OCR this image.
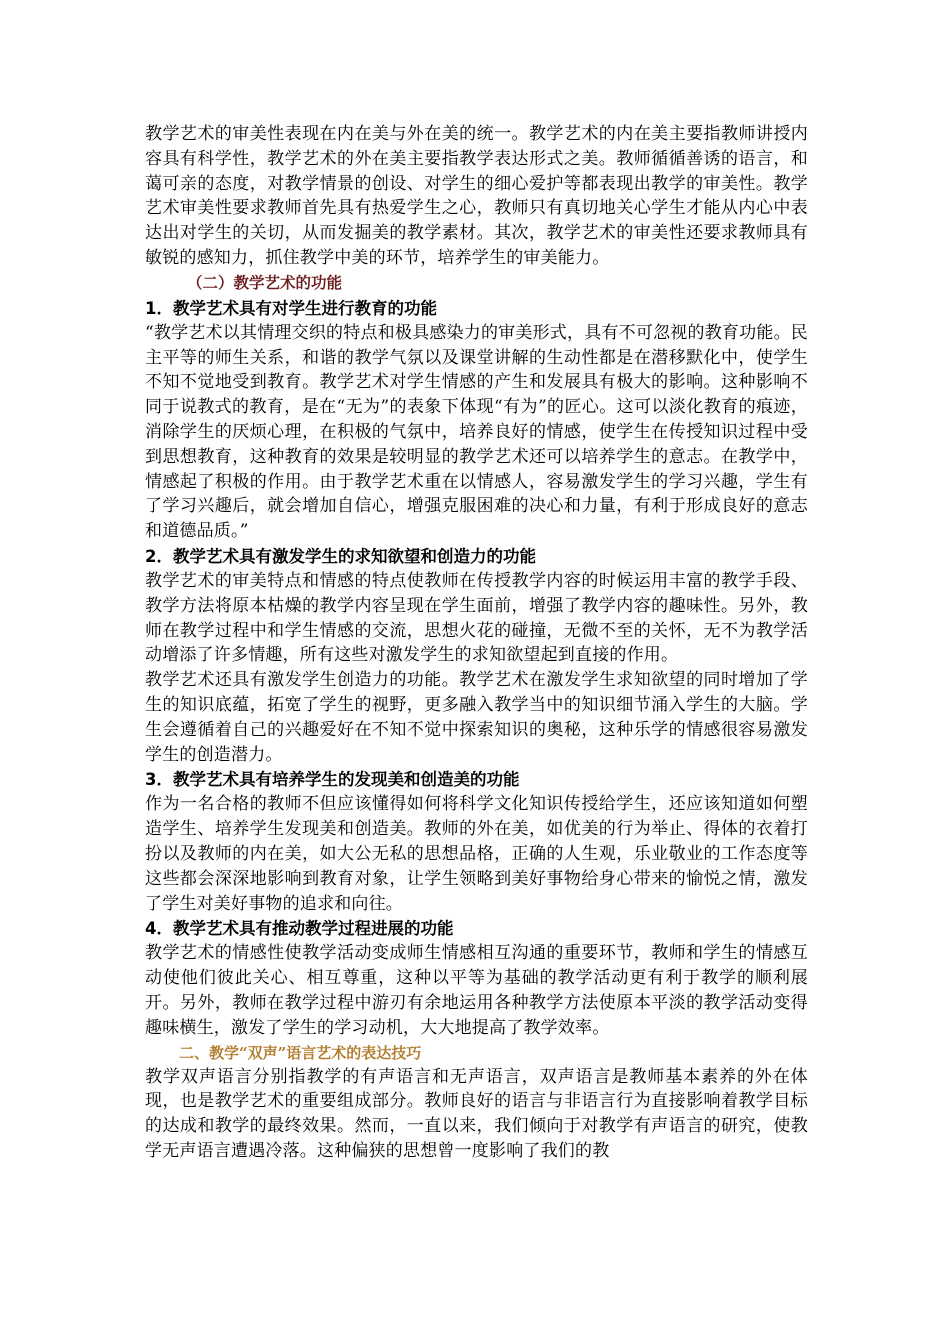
教学艺术的审美性表现在内在美与外在美的统一。教学艺术的内在美主要指教师讲授内容具有科学性，教学艺术的外在美主要指教学表达形式之美。教师循循善诱的语言，和蔼可亲的态度，对教学情景的创设、对学生的细心爱护等都表现出教学的审美性。教学艺术审美性要求教师首先具有热爱学生之心，教师只有真切地关心学生才能从内心中表达出对学生的关切，从而发掘美的教学素材。其次，教学艺术的审美性还要求教师具有敏锐的感知力，抓住教学中美的环节，培养学生的审美能力。

（二）教学艺术的功能
1．教学艺术具有对学生进行教育的功能

“教学艺术以其情理交织的特点和极具感染力的审美形式，具有不可忽视的教育功能。民主平等的师生关系，和谐的教学气氛以及课堂讲解的生动性都是在潜移默化中，使学生不知不觉地受到教育。教学艺术对学生情感的产生和发展具有极大的影响。这种影响不同于说教式的教育，是在“无为”的表象下体现“有为”的匠心。这可以淡化教育的痕迹，消除学生的厌烦心理，在积极的气氛中，培养良好的情感，使学生在传授知识过程中受到思想教育，这种教育的效果是较明显的教学艺术还可以培养学生的意志。在教学中，情感起了积极的作用。由于教学艺术重在以情感人，容易激发学生的学习兴趣，学生有了学习兴趣后，就会增加自信心，增强克服困难的决心和力量，有利于形成良好的意志和道德品质。”

2．教学艺术具有激发学生的求知欲望和创造力的功能

教学艺术的审美特点和情感的特点使教师在传授教学内容的时候运用丰富的教学手段、教学方法将原本枯燥的教学内容呈现在学生面前，增强了教学内容的趣味性。另外，教师在教学过程中和学生情感的交流，思想火花的碰撞，无微不至的关怀，无不为教学活动增添了许多情趣，所有这些对激发学生的求知欲望起到直接的作用。

教学艺术还具有激发学生创造力的功能。教学艺术在激发学生求知欲望的同时增加了学生的知识底蕴，拓宽了学生的视野，更多融入教学当中的知识细节涌入学生的大脑。学生会遵循着自己的兴趣爱好在不知不觉中探索知识的奥秘，这种乐学的情感很容易激发学生的创造潜力。

3．教学艺术具有培养学生的发现美和创造美的功能

作为一名合格的教师不但应该懂得如何将科学文化知识传授给学生，还应该知道如何塑造学生、培养学生发现美和创造美。教师的外在美，如优美的行为举止、得体的衣着打扮以及教师的内在美，如大公无私的思想品格，正确的人生观，乐业敬业的工作态度等这些都会深深地影响到教育对象，让学生领略到美好事物给身心带来的愉悦之情，激发了学生对美好事物的追求和向往。

4．教学艺术具有推动教学过程进展的功能

教学艺术的情感性使教学活动变成师生情感相互沟通的重要环节，教师和学生的情感互动使他们彼此关心、相互尊重，这种以平等为基础的教学活动更有利于教学的顺利展开。另外，教师在教学过程中游刃有余地运用各种教学方法使原本平淡的教学活动变得趣味横生，激发了学生的学习动机，大大地提高了教学效率。

二、教学“双声”语言艺术的表达技巧

教学双声语言分别指教学的有声语言和无声语言，双声语言是教师基本素养的外在体现，也是教学艺术的重要组成部分。教师良好的语言与非语言行为直接影响着教学目标的达成和教学的最终效果。然而，一直以来，我们倾向于对教学有声语言的研究，使教学无声语言遭遇冷落。这种偏狭的思想曾一度影响了我们的教
